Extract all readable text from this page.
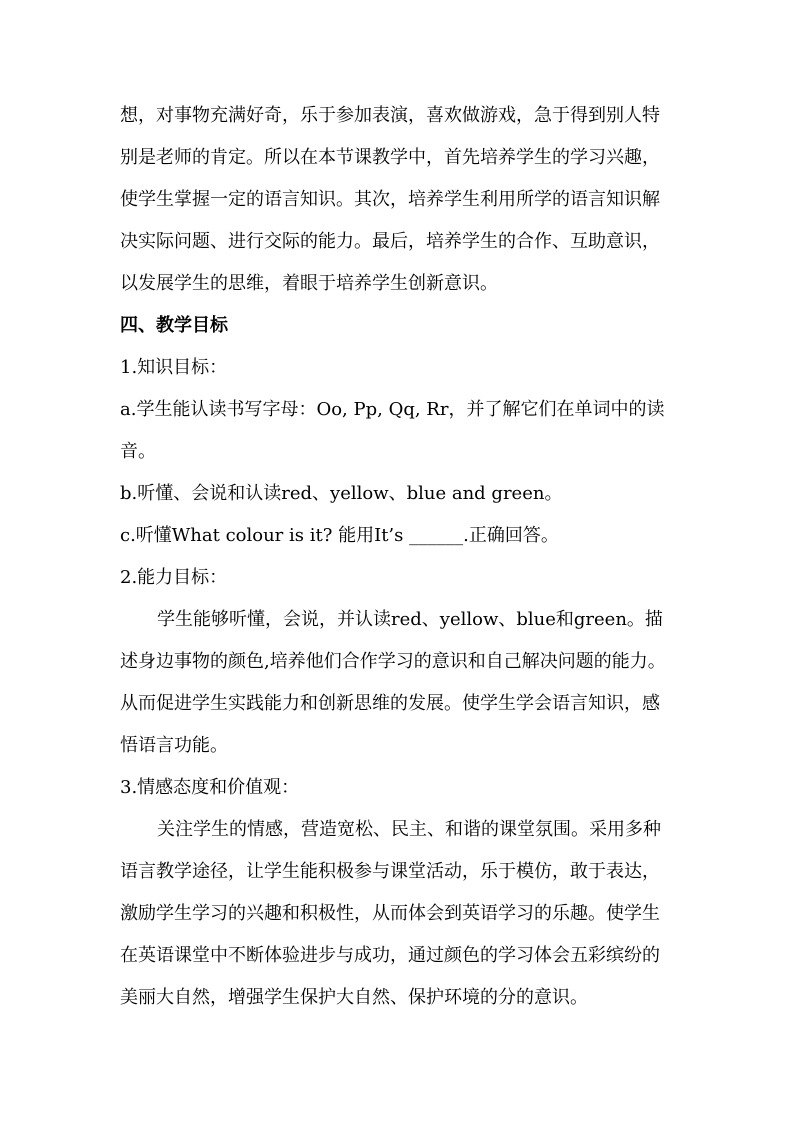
想，对事物充满好奇，乐于参加表演，喜欢做游戏，急于得到别人特
别是老师的肯定。所以在本节课教学中，首先培养学生的学习兴趣，
使学生掌握一定的语言知识。其次，培养学生利用所学的语言知识解
决实际问题、进行交际的能力。最后，培养学生的合作、互助意识，
以发展学生的思维，着眼于培养学生创新意识。
四、教学目标
1.知识目标：
a.学生能认读书写字母：Oo, Pp, Qq, Rr，并了解它们在单词中的读
音。
b.听懂、会说和认读red、yellow、blue and green。
c.听懂What colour is it? 能用It’s ______.正确回答。
2.能力目标：
学生能够听懂，会说，并认读red、yellow、blue和green。描
述身边事物的颜色,培养他们合作学习的意识和自己解决问题的能力。
从而促进学生实践能力和创新思维的发展。使学生学会语言知识，感
悟语言功能。
3.情感态度和价值观：
关注学生的情感，营造宽松、民主、和谐的课堂氛围。采用多种
语言教学途径，让学生能积极参与课堂活动，乐于模仿，敢于表达，
激励学生学习的兴趣和积极性，从而体会到英语学习的乐趣。使学生
在英语课堂中不断体验进步与成功，通过颜色的学习体会五彩缤纷的
美丽大自然，增强学生保护大自然、保护环境的分的意识。
